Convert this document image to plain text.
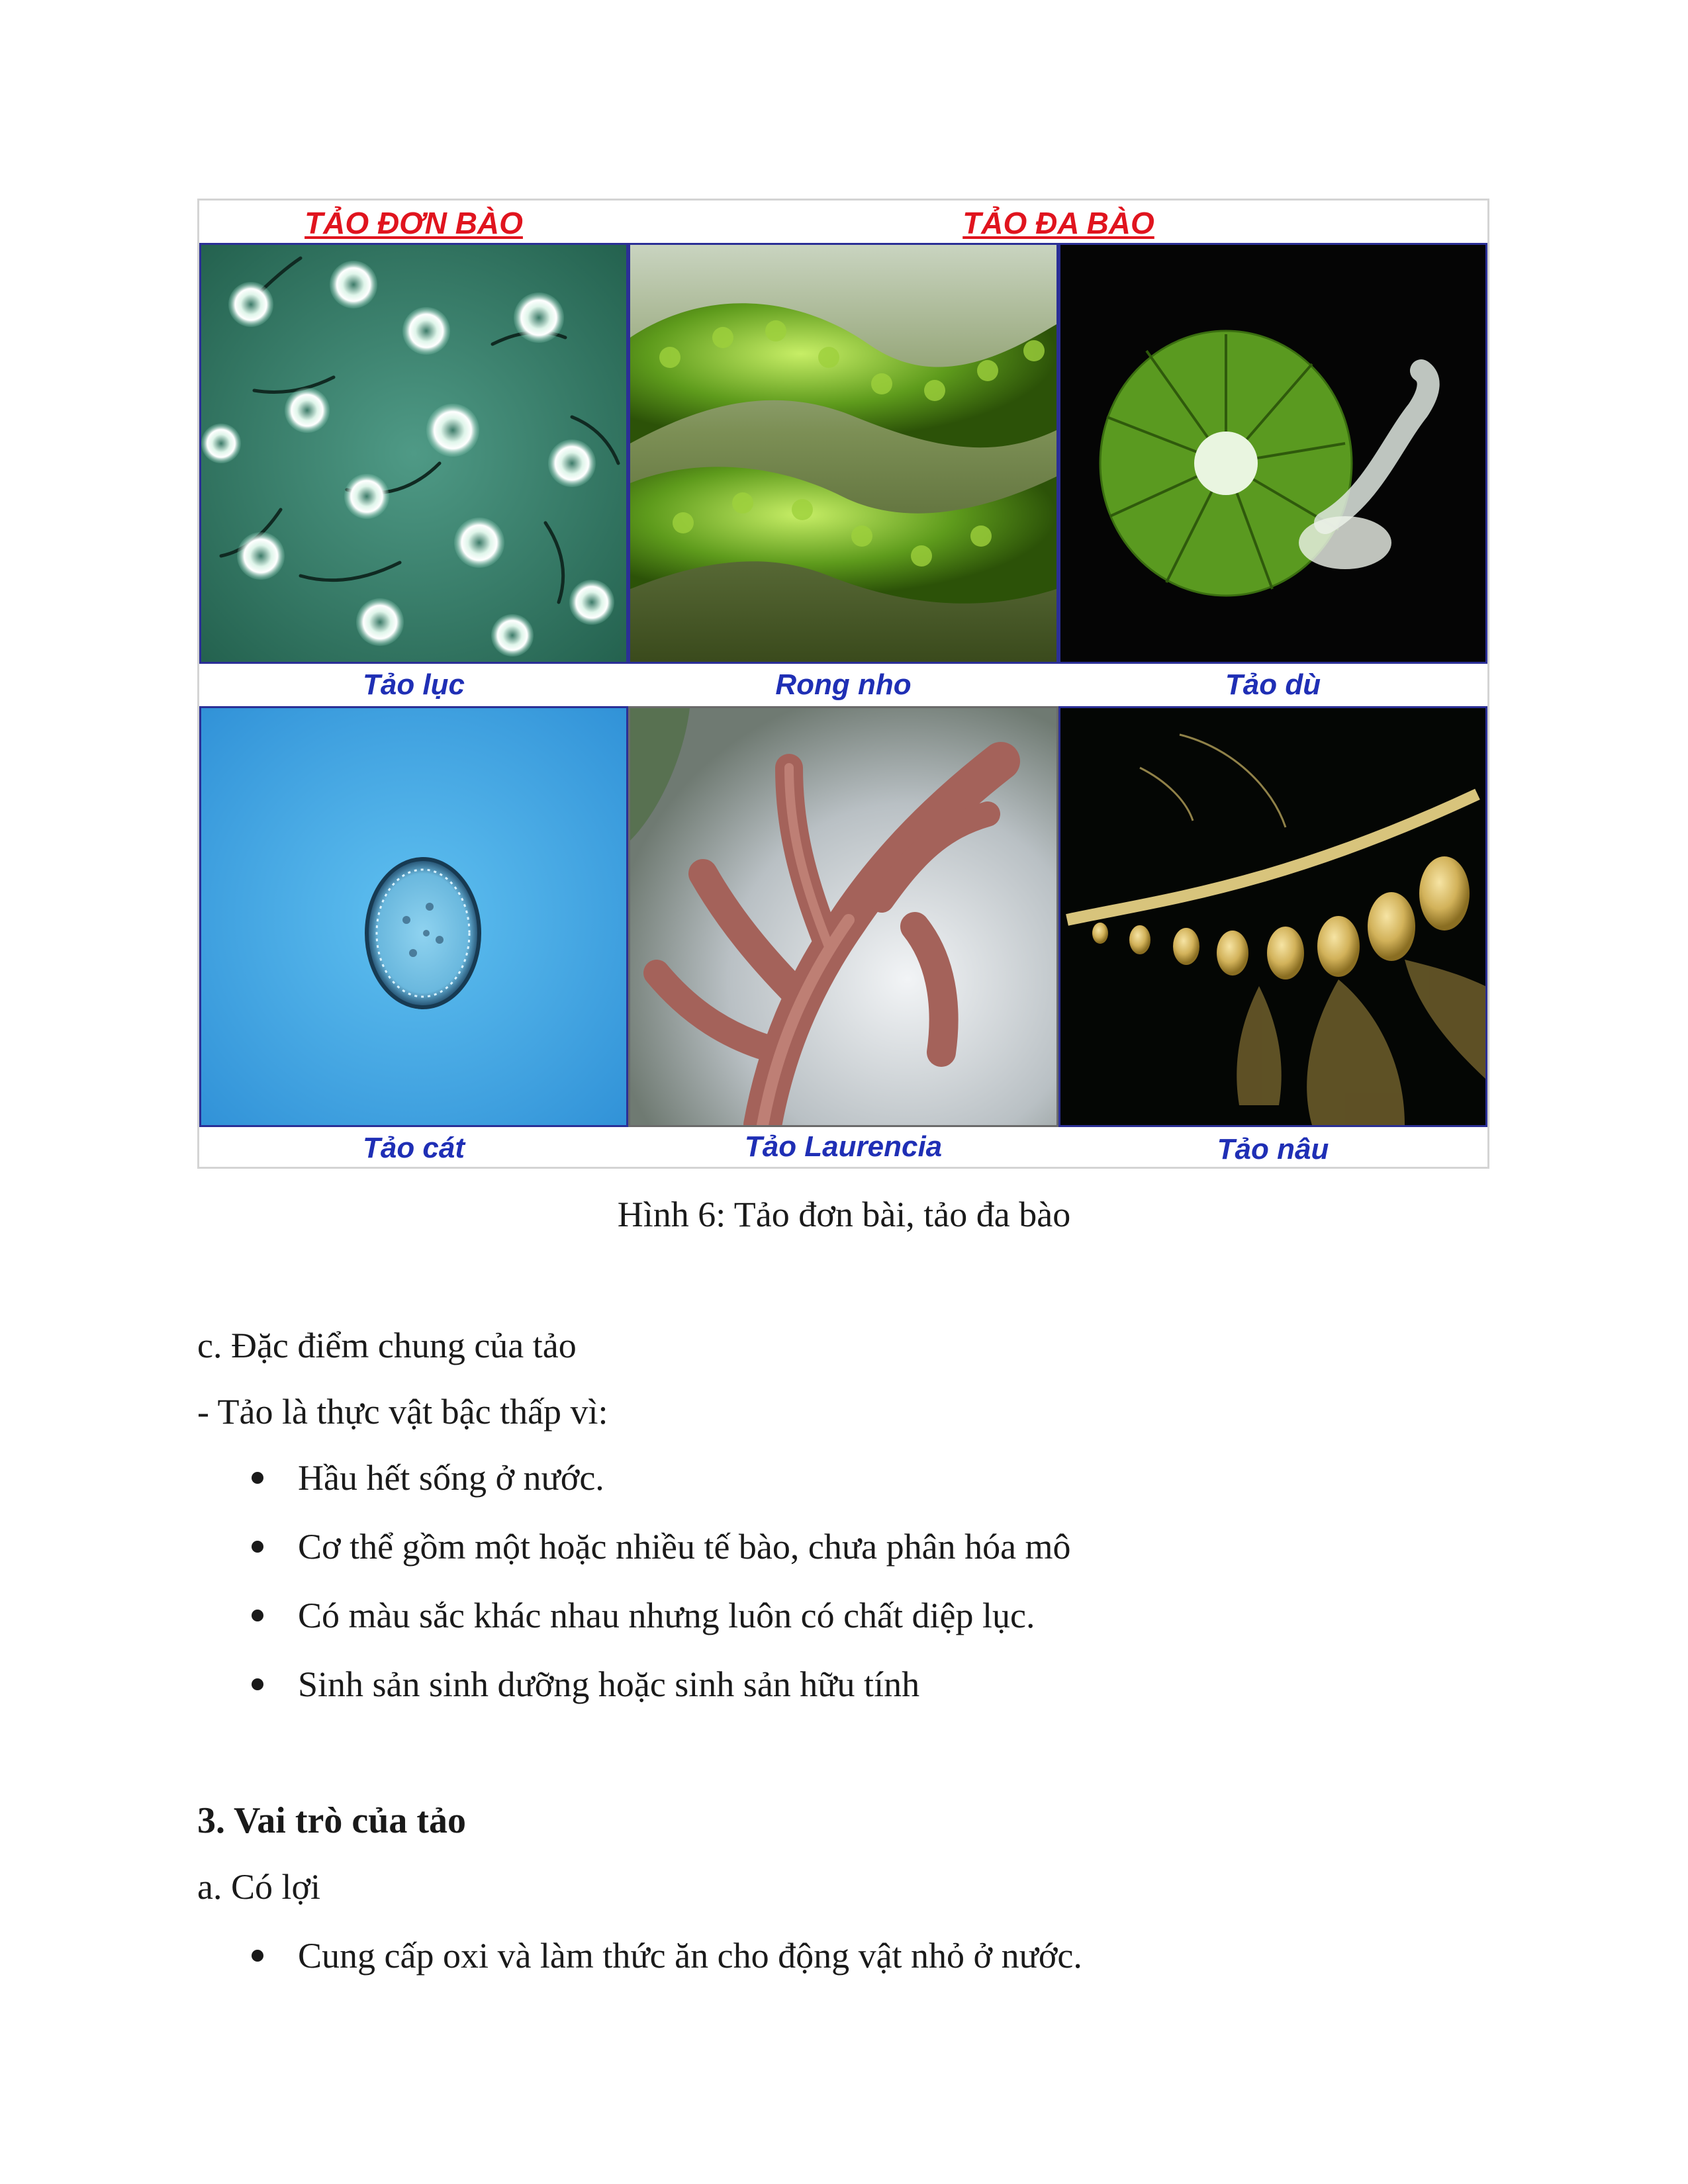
TẢO ĐƠN BÀO	TẢO ĐA BÀO
Tảo lục	Rong nho	Tảo dù
Tảo cát	Tảo Laurencia	Tảo nâu
Hình 6: Tảo đơn bài, tảo đa bào
c. Đặc điểm chung của tảo
- Tảo là thực vật bậc thấp vì:
Hầu hết sống ở nước.
Cơ thể gồm một hoặc nhiều tế bào, chưa phân hóa mô
Có màu sắc khác nhau nhưng luôn có chất diệp lục.
Sinh sản sinh dưỡng hoặc sinh sản hữu tính
3. Vai trò của tảo
a. Có lợi
Cung cấp oxi và làm thức ăn cho động vật nhỏ ở nước.
